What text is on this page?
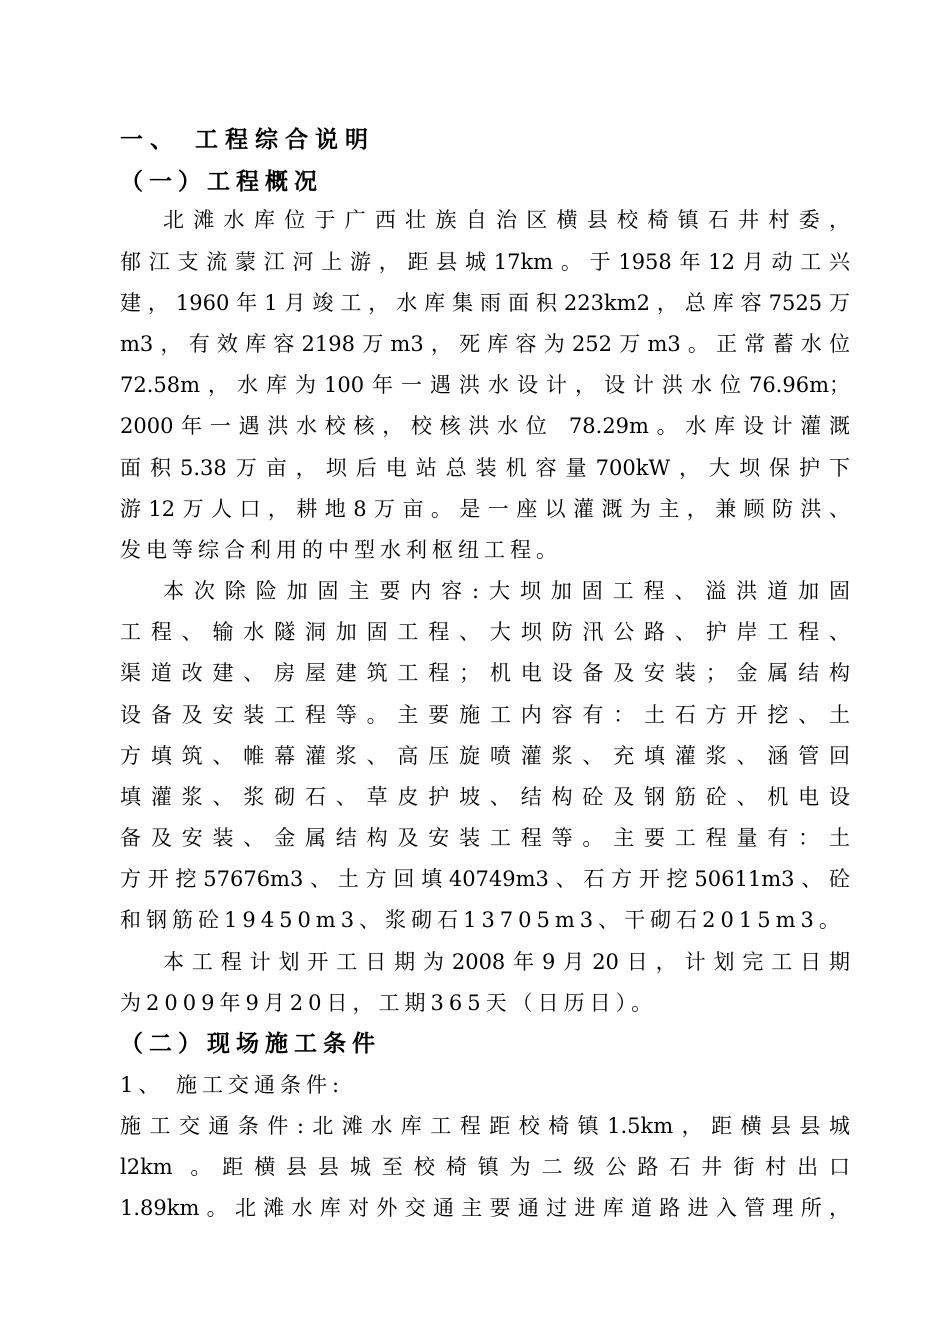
一、 工程综合说明
（一）工程概况
北滩水库位于广西壮族自治区横县校椅镇石井村委，
郁江支流蒙江河上游，距县城17km。于1958年12月动工兴
建，1960年1月竣工，水库集雨面积223km2，总库容7525万
m3，有效库容2198万m3，死库容为252万m3。正常蓄水位
72.58m，水库为100年一遇洪水设计，设计洪水位76.96m；
2000年一遇洪水校核，校核洪水位 78.29m。水库设计灌溉
面积5.38万亩，坝后电站总装机容量700kW，大坝保护下
游12万人口，耕地8万亩。是一座以灌溉为主，兼顾防洪、
发电等综合利用的中型水利枢纽工程。
本次除险加固主要内容:大坝加固工程、溢洪道加固
工程、输水隧洞加固工程、大坝防汛公路、护岸工程、
渠道改建、房屋建筑工程；机电设备及安装；金属结构
设备及安装工程等。主要施工内容有：土石方开挖、土
方填筑、帷幕灌浆、高压旋喷灌浆、充填灌浆、涵管回
填灌浆、浆砌石、草皮护坡、结构砼及钢筋砼、机电设
备及安装、金属结构及安装工程等。主要工程量有：土
方开挖57676m3、土方回填40749m3、石方开挖50611m3、砼
和钢筋砼19450m3、浆砌石13705m3、干砌石2015m3。
本工程计划开工日期为2008年9月20日，计划完工日期
为2009年9月20日，工期365天（日历日）。
（二）现场施工条件
1、 施工交通条件:
施工交通条件:北滩水库工程距校椅镇1.5km，距横县县城
l2km 。距横县县城至校椅镇为二级公路石井街村出口
1.89km。北滩水库对外交通主要通过进库道路进入管理所，
